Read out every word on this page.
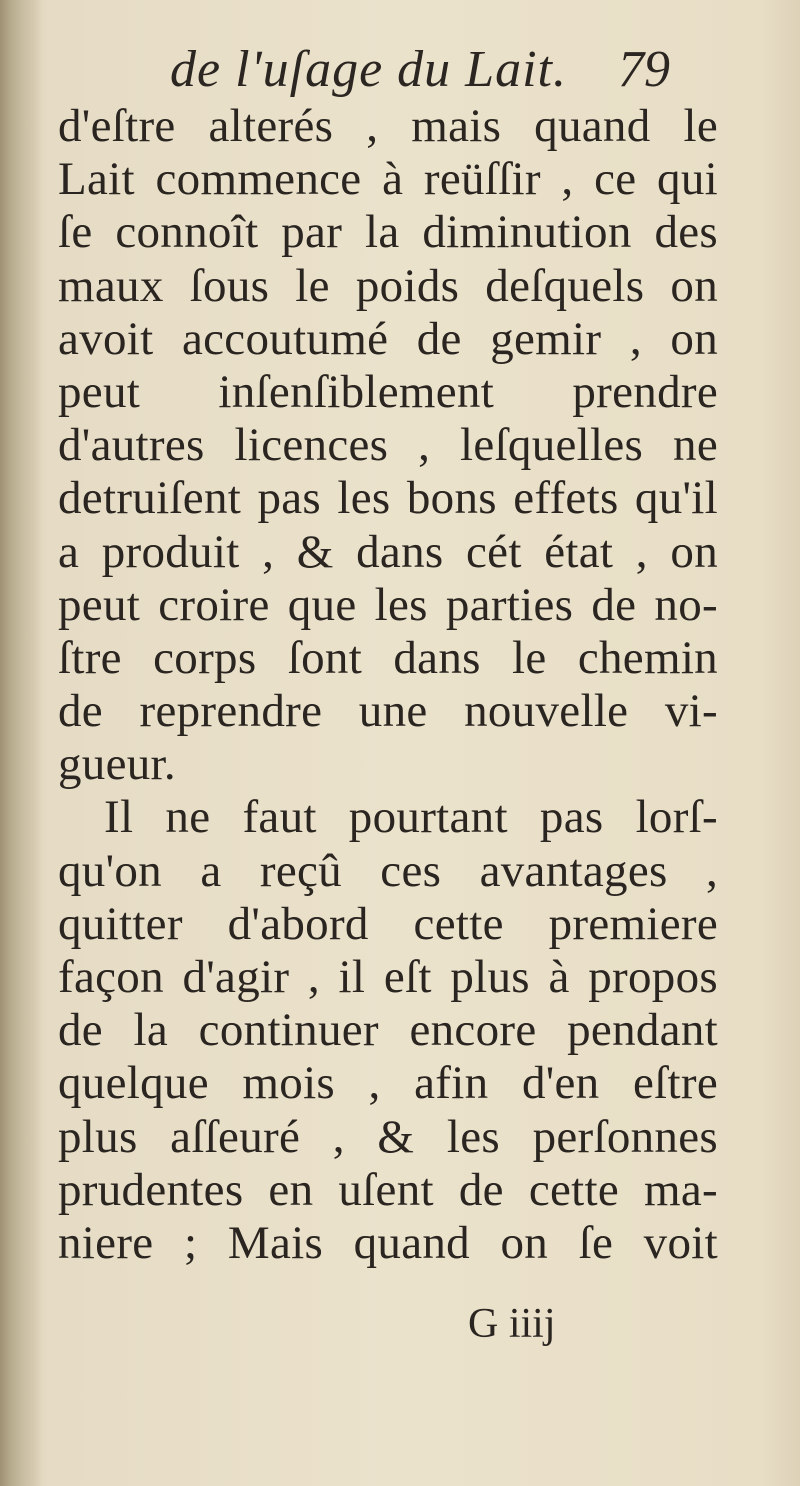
de l'uſage du Lait. 79
d'eſtre alterés , mais quand le
Lait commence à reüſſir , ce qui
ſe connoît par la diminution des
maux ſous le poids deſquels on
avoit accoutumé de gemir , on
peut inſenſiblement prendre
d'autres licences , leſquelles ne
detruiſent pas les bons effets qu'il
a produit , & dans cét état , on
peut croire que les parties de no-
ſtre corps ſont dans le chemin
de reprendre une nouvelle vi-
gueur.
Il ne faut pourtant pas lorſ-
qu'on a reçû ces avantages ,
quitter d'abord cette premiere
façon d'agir , il eſt plus à propos
de la continuer encore pendant
quelque mois , afin d'en eſtre
plus aſſeuré , & les perſonnes
prudentes en uſent de cette ma-
niere ; Mais quand on ſe voit
G iiij
